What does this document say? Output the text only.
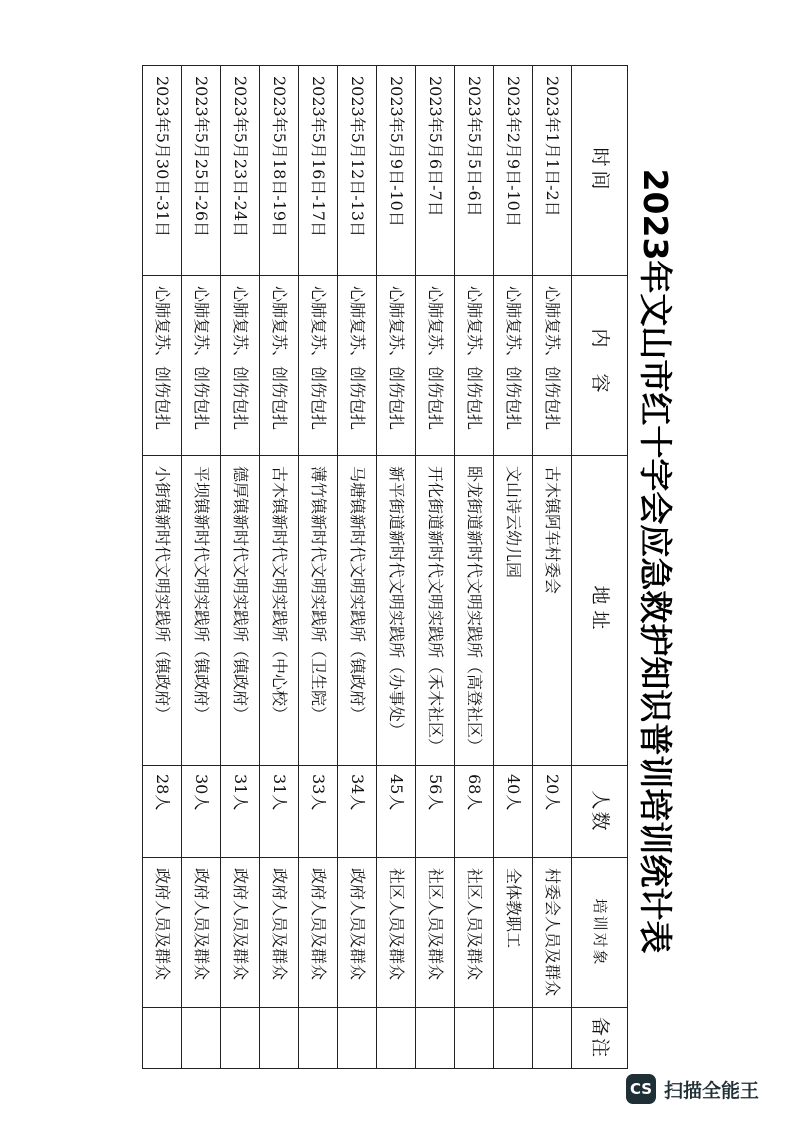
2023年文山市红十字会应急救护知识普训培训统计表
时间	内 容	地址	人数	培训对象	备注
2023年1月1日-2日	心肺复苏、创伤包扎	古木镇阿车村委会	20人	村委会人员及群众	
2023年2月9日-10日	心肺复苏、创伤包扎	文山诗云幼儿园	40人	全体教职工	
2023年5月5日-6日	心肺复苏、创伤包扎	卧龙街道新时代文明实践所（高登社区）	68人	社区人员及群众	
2023年5月6日-7日	心肺复苏、创伤包扎	开化街道新时代文明实践所（禾木社区）	56人	社区人员及群众	
2023年5月9日-10日	心肺复苏、创伤包扎	新平街道新时代文明实践所（办事处）	45人	社区人员及群众	
2023年5月12日-13日	心肺复苏、创伤包扎	马塘镇新时代文明实践所（镇政府）	34人	政府人员及群众	
2023年5月16日-17日	心肺复苏、创伤包扎	薄竹镇新时代文明实践所（卫生院）	33人	政府人员及群众	
2023年5月18日-19日	心肺复苏、创伤包扎	古木镇新时代文明实践所（中心校）	31人	政府人员及群众	
2023年5月23日-24日	心肺复苏、创伤包扎	德厚镇新时代文明实践所（镇政府）	31人	政府人员及群众	
2023年5月25日-26日	心肺复苏、创伤包扎	平坝镇新时代文明实践所（镇政府）	30人	政府人员及群众	
2023年5月30日-31日	心肺复苏、创伤包扎	小街镇新时代文明实践所（镇政府）	28人	政府人员及群众	
CS 扫描全能王
